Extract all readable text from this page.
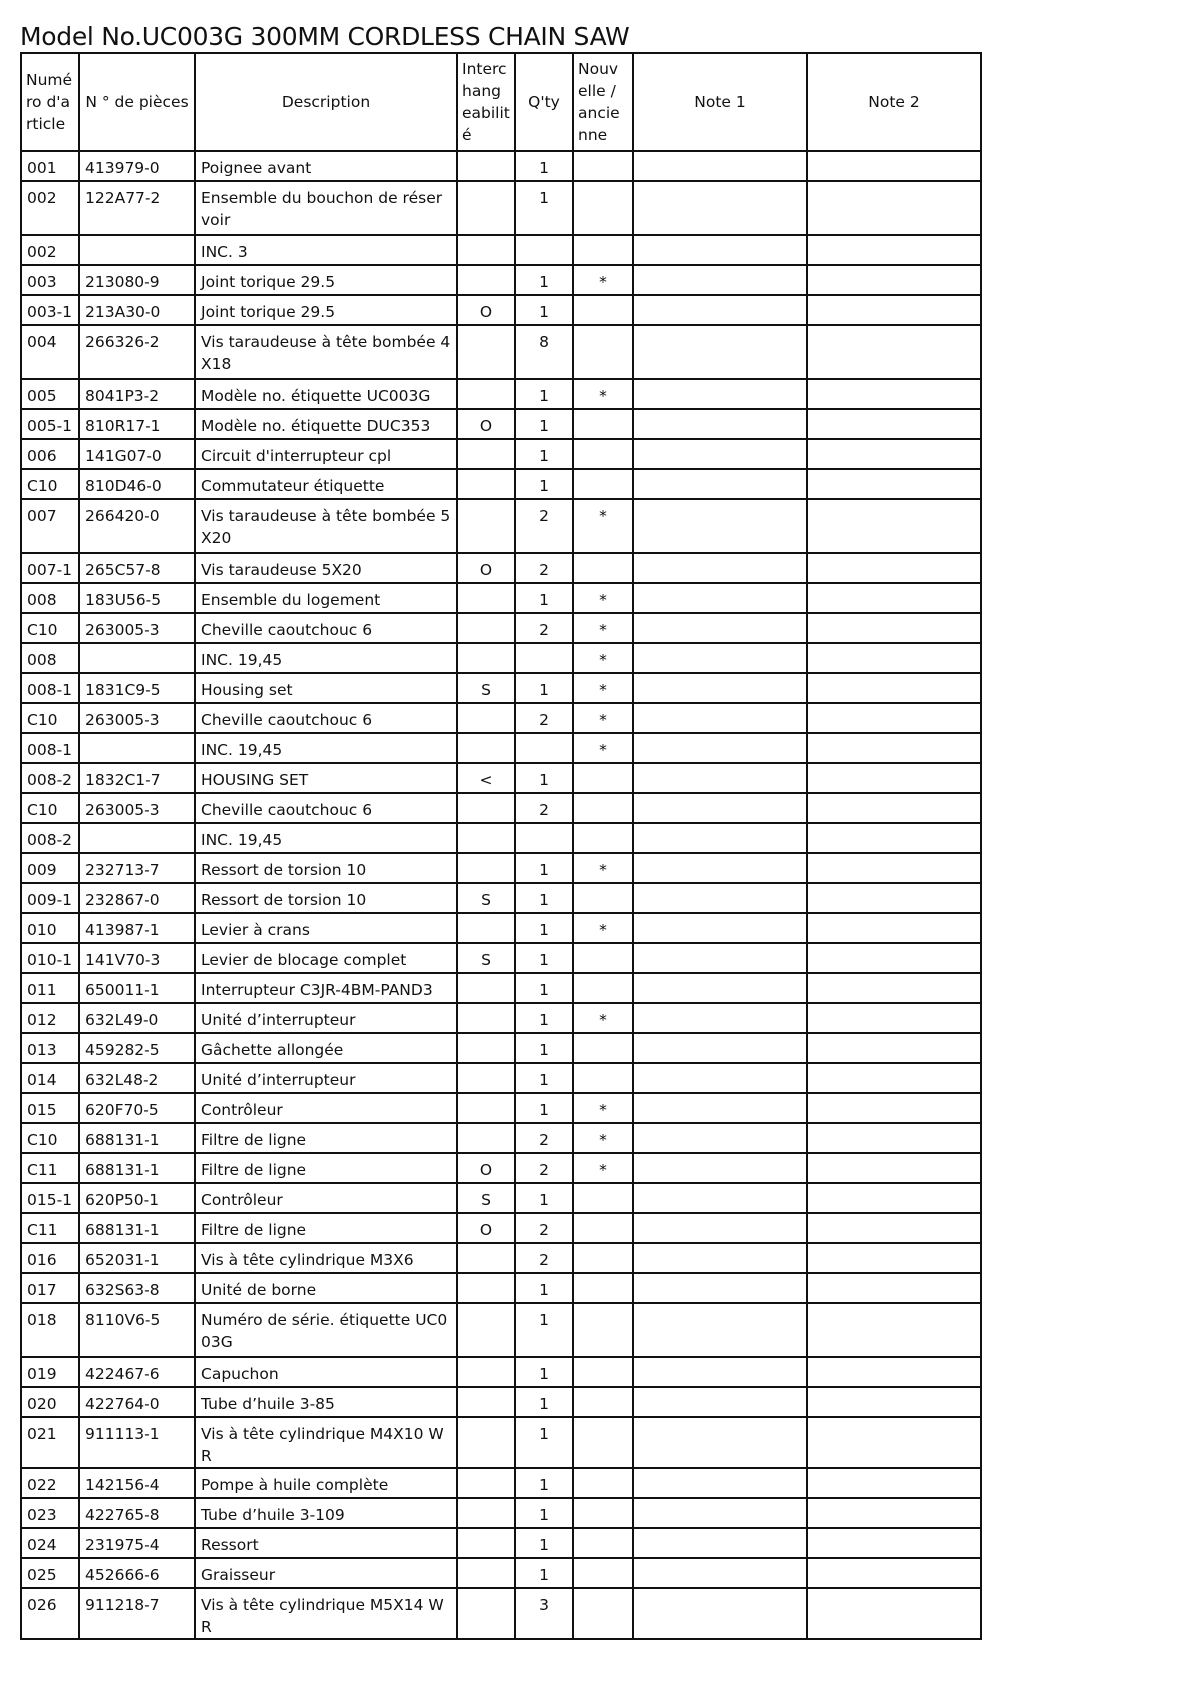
Model No.UC003G 300MM CORDLESS CHAIN SAW
Numé ro d'a rticle	N ° de pièces	Description	Interc hang eabilit é	Q'ty	Nouv elle / ancie nne	Note 1	Note 2
001	413979-0	Poignee avant		1			
002	122A77-2	Ensemble du bouchon de réservoir		1			
002		INC. 3					
003	213080-9	Joint torique 29.5		1	*		
003-1	213A30-0	Joint torique 29.5	O	1			
004	266326-2	Vis taraudeuse à tête bombée 4X18		8			
005	8041P3-2	Modèle no. étiquette UC003G		1	*		
005-1	810R17-1	Modèle no. étiquette DUC353	O	1			
006	141G07-0	Circuit d'interrupteur cpl		1			
C10	810D46-0	Commutateur étiquette		1			
007	266420-0	Vis taraudeuse à tête bombée 5X20		2	*		
007-1	265C57-8	Vis taraudeuse 5X20	O	2			
008	183U56-5	Ensemble du logement		1	*		
C10	263005-3	Cheville caoutchouc 6		2	*		
008		INC. 19,45			*		
008-1	1831C9-5	Housing set	S	1	*		
C10	263005-3	Cheville caoutchouc 6		2	*		
008-1		INC. 19,45			*		
008-2	1832C1-7	HOUSING SET	<	1			
C10	263005-3	Cheville caoutchouc 6		2			
008-2		INC. 19,45					
009	232713-7	Ressort de torsion 10		1	*		
009-1	232867-0	Ressort de torsion 10	S	1			
010	413987-1	Levier à crans		1	*		
010-1	141V70-3	Levier de blocage complet	S	1			
011	650011-1	Interrupteur C3JR-4BM-PAND3		1			
012	632L49-0	Unité d’interrupteur		1	*		
013	459282-5	Gâchette allongée		1			
014	632L48-2	Unité d’interrupteur		1			
015	620F70-5	Contrôleur		1	*		
C10	688131-1	Filtre de ligne		2	*		
C11	688131-1	Filtre de ligne	O	2	*		
015-1	620P50-1	Contrôleur	S	1			
C11	688131-1	Filtre de ligne	O	2			
016	652031-1	Vis à tête cylindrique M3X6		2			
017	632S63-8	Unité de borne		1			
018	8110V6-5	Numéro de série. étiquette UC003G		1			
019	422467-6	Capuchon		1			
020	422764-0	Tube d’huile 3-85		1			
021	911113-1	Vis à tête cylindrique M4X10 WR		1			
022	142156-4	Pompe à huile complète		1			
023	422765-8	Tube d’huile 3-109		1			
024	231975-4	Ressort		1			
025	452666-6	Graisseur		1			
026	911218-7	Vis à tête cylindrique M5X14 WR		3			
